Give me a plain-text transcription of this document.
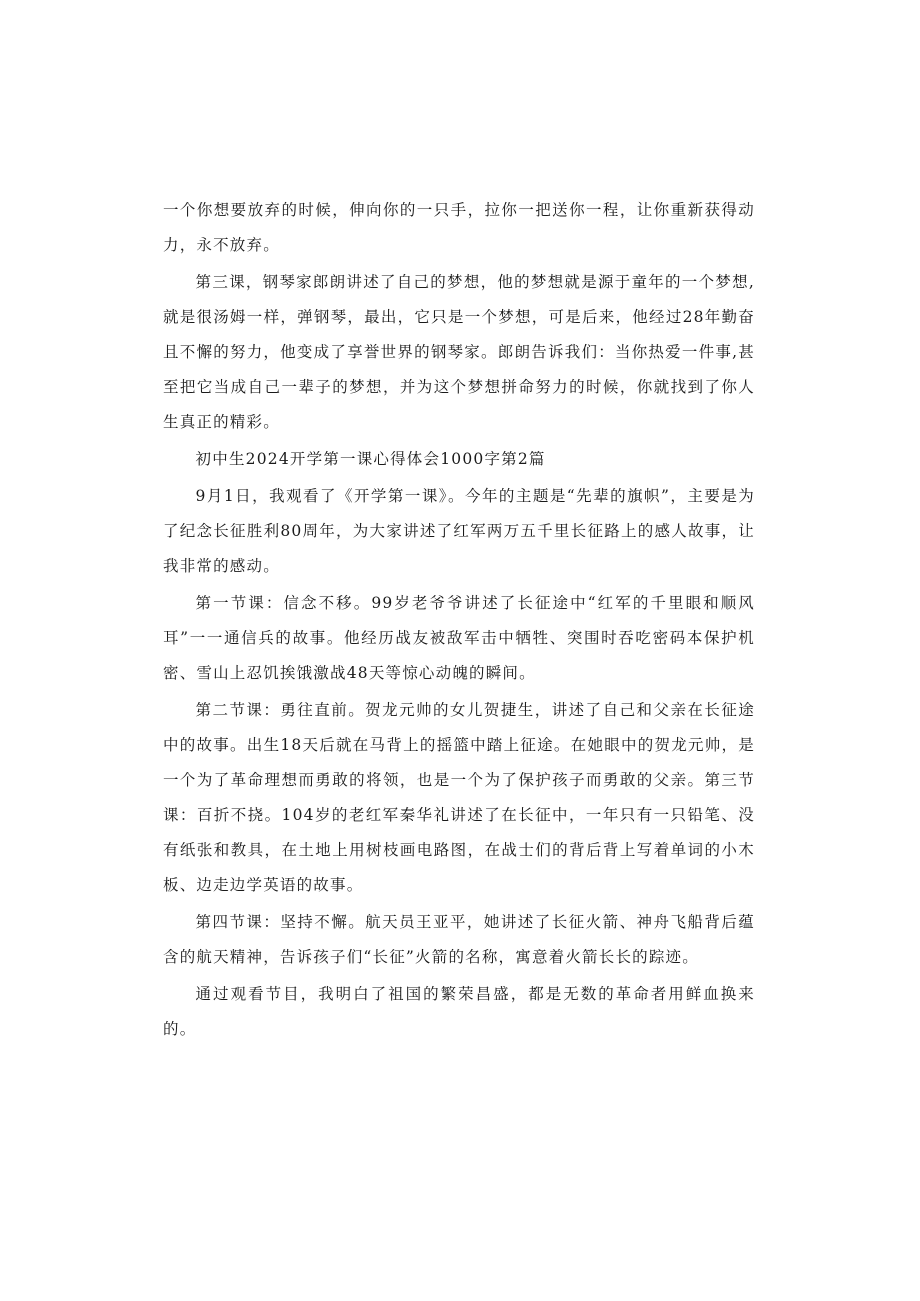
一个你想要放弃的时候，伸向你的一只手，拉你一把送你一程，让你重新获得动力，永不放弃。

第三课，钢琴家郎朗讲述了自己的梦想，他的梦想就是源于童年的一个梦想,就是很汤姆一样，弹钢琴，最出，它只是一个梦想，可是后来，他经过28年勤奋且不懈的努力，他变成了享誉世界的钢琴家。郎朗告诉我们：当你热爱一件事,甚至把它当成自己一辈子的梦想，并为这个梦想拼命努力的时候，你就找到了你人生真正的精彩。

初中生2024开学第一课心得体会1000字第2篇

9月1日，我观看了《开学第一课》。今年的主题是“先辈的旗帜”，主要是为了纪念长征胜利80周年，为大家讲述了红军两万五千里长征路上的感人故事，让我非常的感动。

第一节课：信念不移。99岁老爷爷讲述了长征途中“红军的千里眼和顺风耳”一一通信兵的故事。他经历战友被敌军击中牺牲、突围时吞吃密码本保护机密、雪山上忍饥挨饿激战48天等惊心动魄的瞬间。

第二节课：勇往直前。贺龙元帅的女儿贺捷生，讲述了自己和父亲在长征途中的故事。出生18天后就在马背上的摇篮中踏上征途。在她眼中的贺龙元帅，是一个为了革命理想而勇敢的将领，也是一个为了保护孩子而勇敢的父亲。第三节课：百折不挠。104岁的老红军秦华礼讲述了在长征中，一年只有一只铅笔、没有纸张和教具，在土地上用树枝画电路图，在战士们的背后背上写着单词的小木板、边走边学英语的故事。

第四节课：坚持不懈。航天员王亚平，她讲述了长征火箭、神舟飞船背后蕴含的航天精神，告诉孩子们“长征”火箭的名称，寓意着火箭长长的踪迹。

通过观看节目，我明白了祖国的繁荣昌盛，都是无数的革命者用鲜血换来的。
